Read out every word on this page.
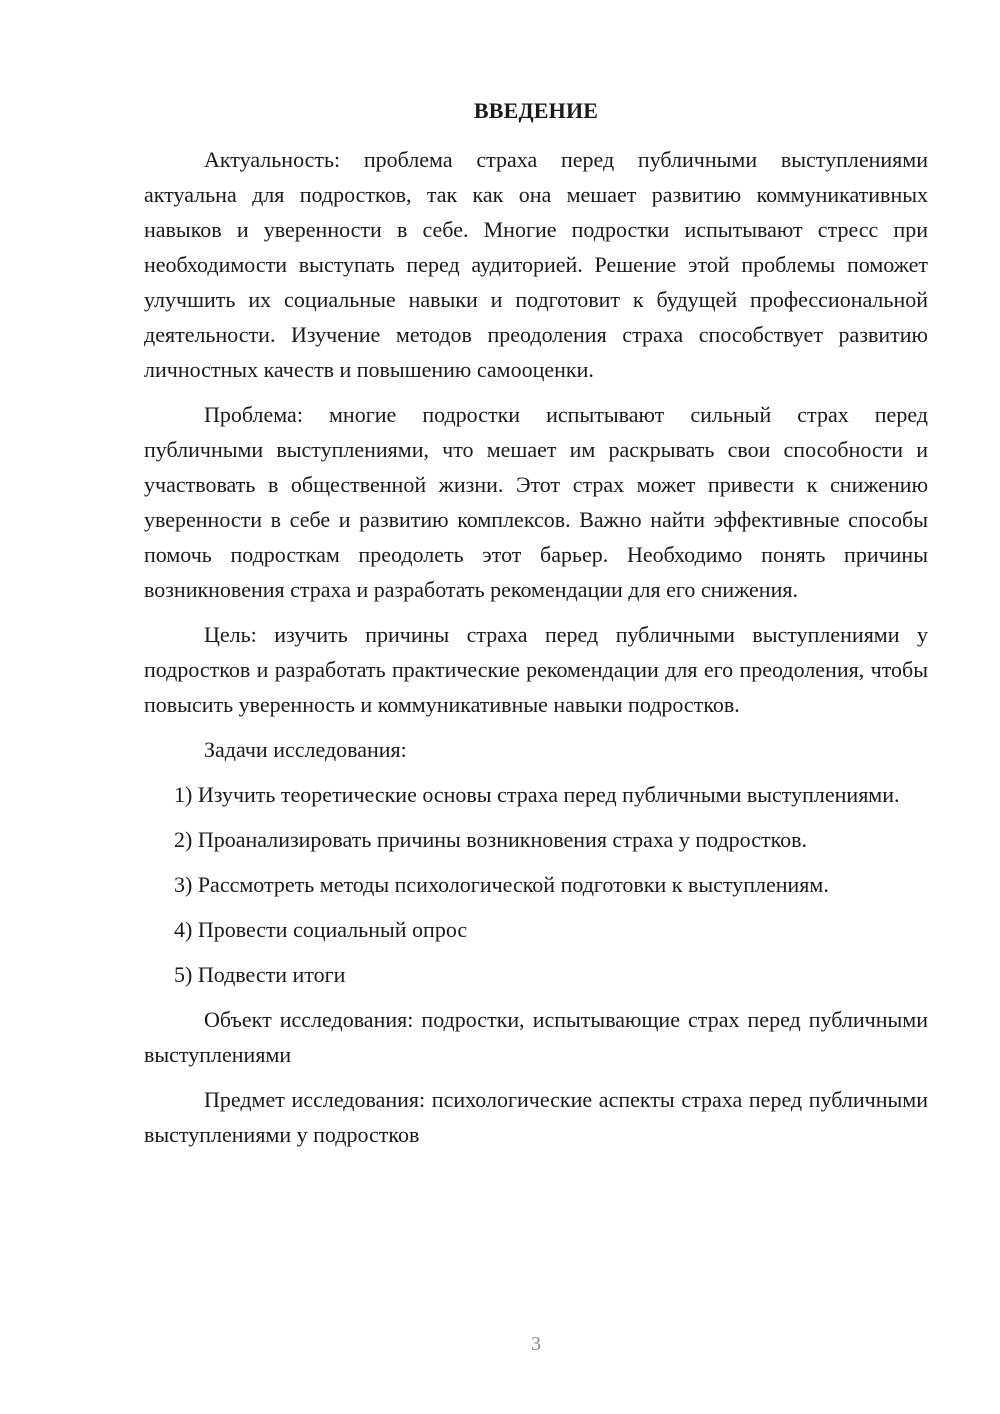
ВВЕДЕНИЕ

Актуальность: проблема страха перед публичными выступлениями актуальна для подростков, так как она мешает развитию коммуникативных навыков и уверенности в себе. Многие подростки испытывают стресс при необходимости выступать перед аудиторией. Решение этой проблемы поможет улучшить их социальные навыки и подготовит к будущей профессиональной деятельности. Изучение методов преодоления страха способствует развитию личностных качеств и повышению самооценки.

Проблема: многие подростки испытывают сильный страх перед публичными выступлениями, что мешает им раскрывать свои способности и участвовать в общественной жизни. Этот страх может привести к снижению уверенности в себе и развитию комплексов. Важно найти эффективные способы помочь подросткам преодолеть этот барьер. Необходимо понять причины возникновения страха и разработать рекомендации для его снижения.

Цель: изучить причины страха перед публичными выступлениями у подростков и разработать практические рекомендации для его преодоления, чтобы повысить уверенность и коммуникативные навыки подростков.

Задачи исследования:

1) Изучить теоретические основы страха перед публичными выступлениями.

2) Проанализировать причины возникновения страха у подростков.

3) Рассмотреть методы психологической подготовки к выступлениям.

4) Провести социальный опрос

5) Подвести итоги

Объект исследования: подростки, испытывающие страх перед публичными выступлениями

Предмет исследования: психологические аспекты страха перед публичными выступлениями у подростков

3
